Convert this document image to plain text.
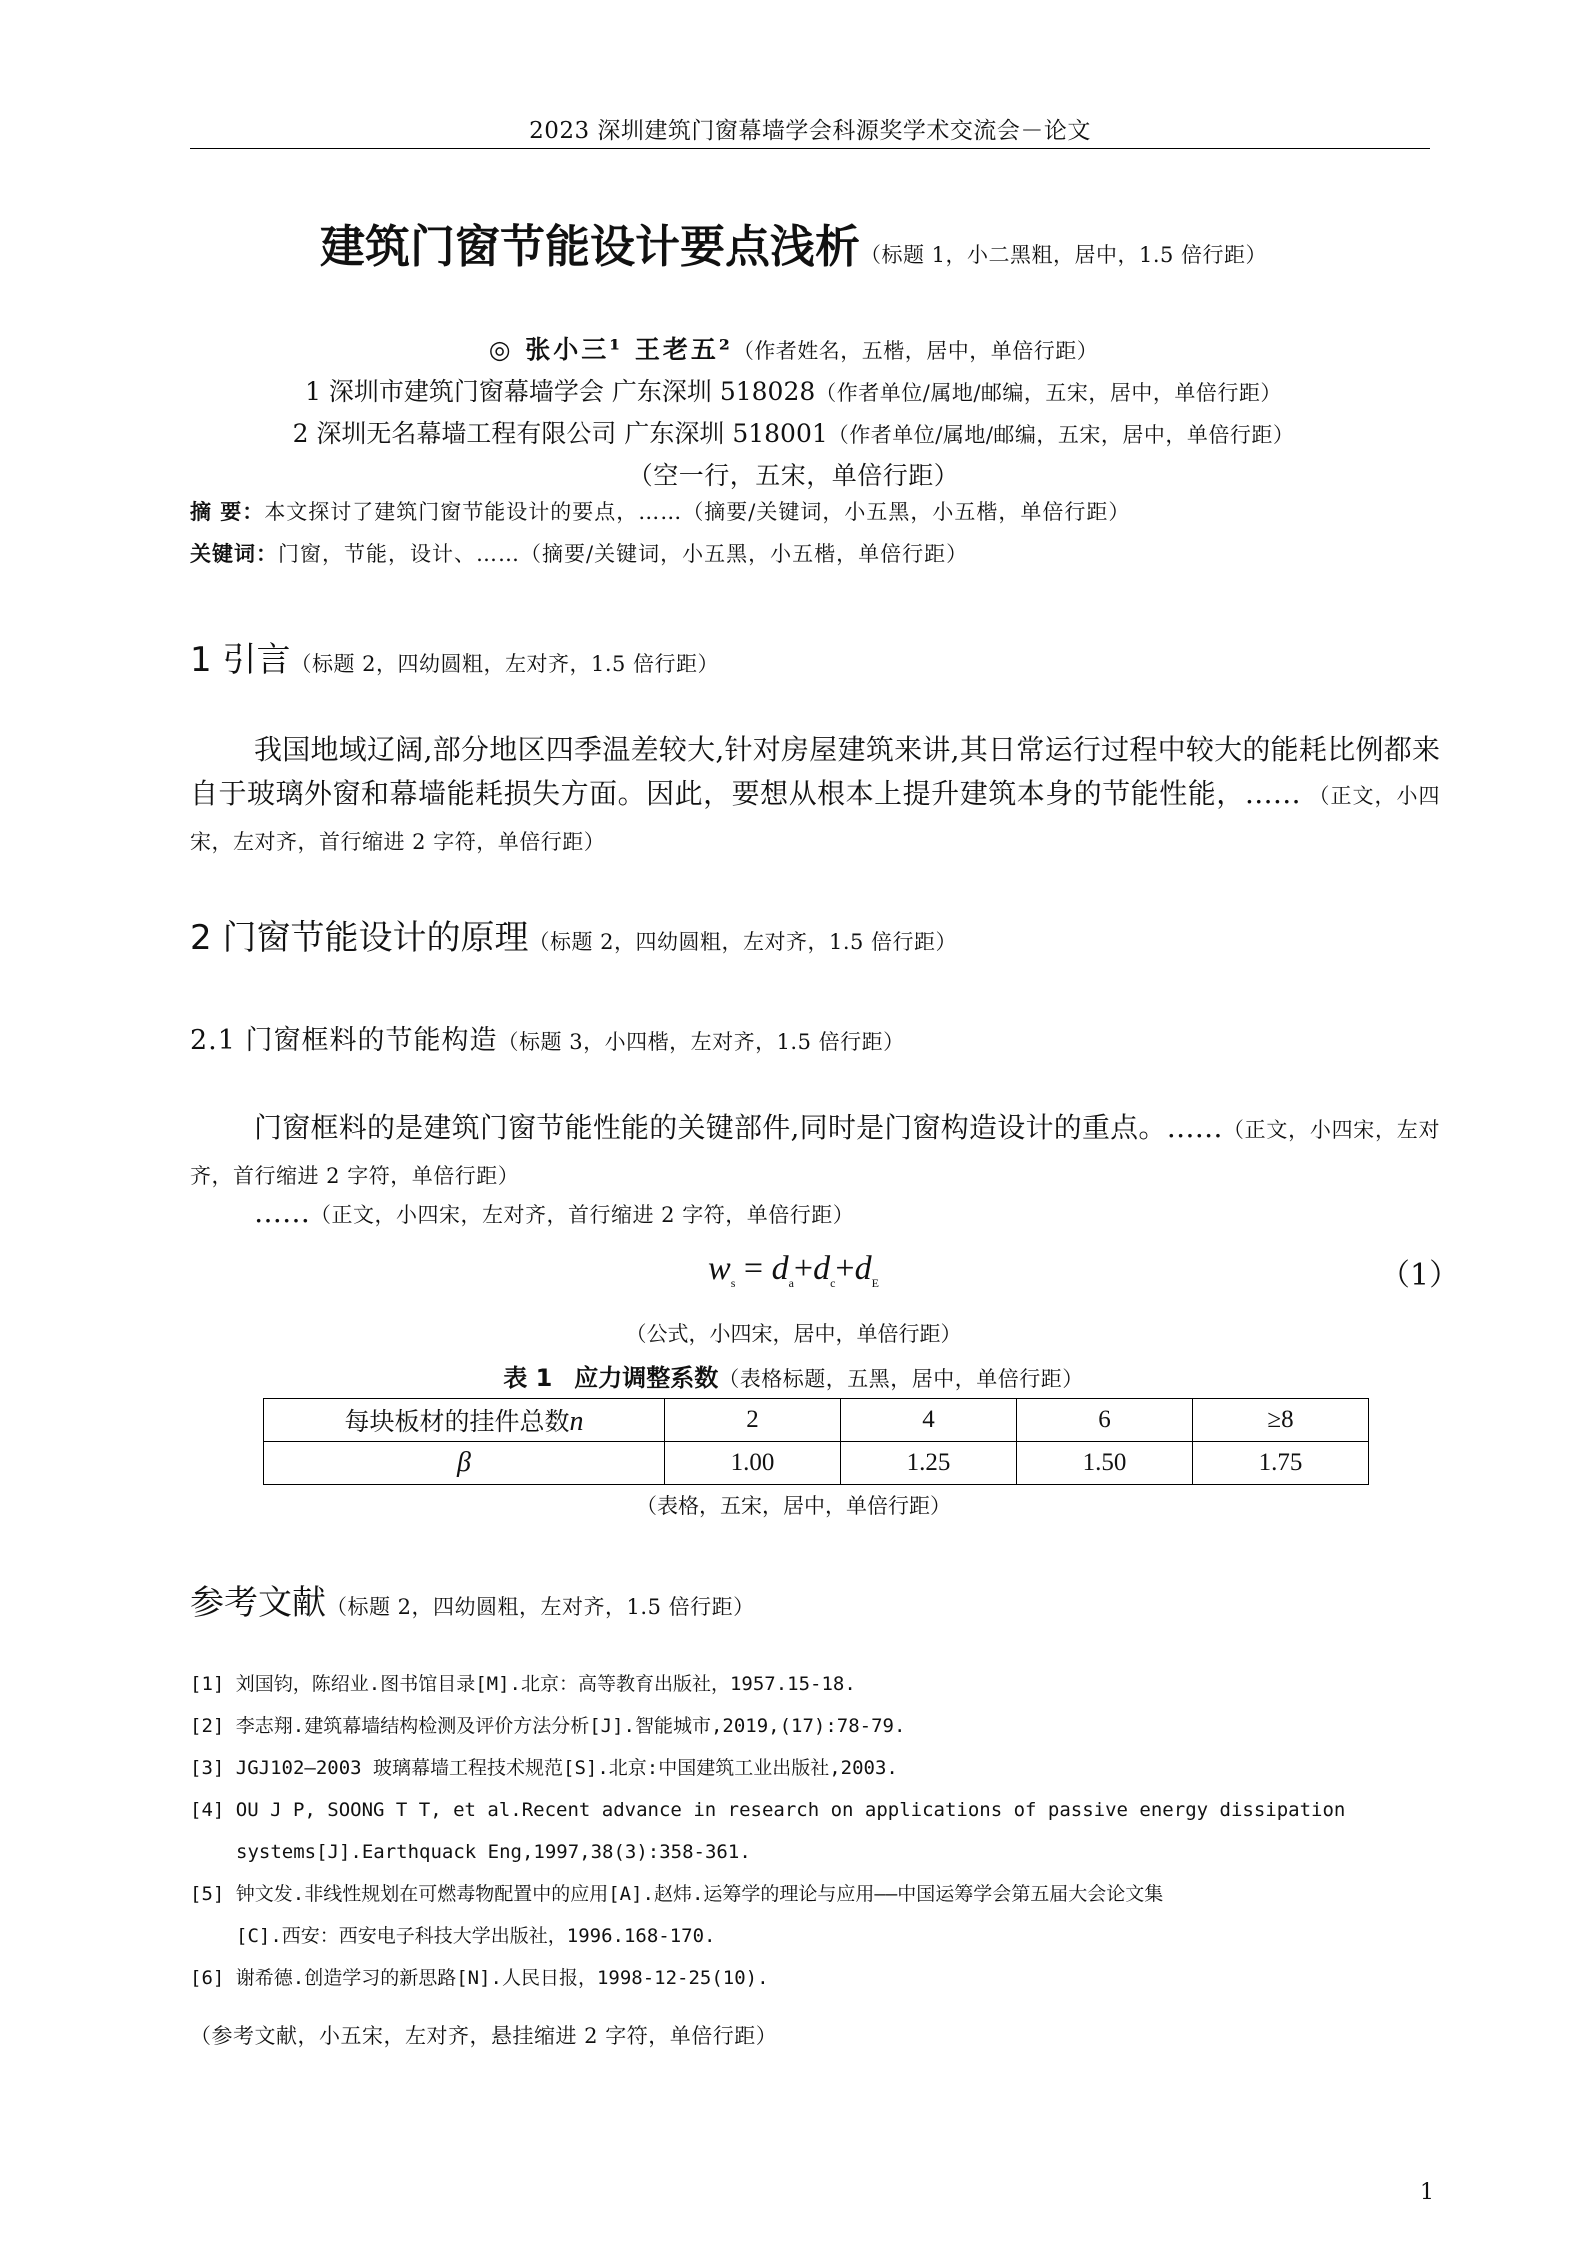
2023 深圳建筑门窗幕墙学会科源奖学术交流会－论文
建筑门窗节能设计要点浅析（标题 1，小二黑粗，居中，1.5 倍行距）
◎ 张小三¹ 王老五²（作者姓名，五楷，居中，单倍行距）
1 深圳市建筑门窗幕墙学会 广东深圳 518028（作者单位/属地/邮编，五宋，居中，单倍行距）
2 深圳无名幕墙工程有限公司 广东深圳 518001（作者单位/属地/邮编，五宋，居中，单倍行距）
（空一行，五宋，单倍行距）
摘 要：本文探讨了建筑门窗节能设计的要点，……（摘要/关键词，小五黑，小五楷，单倍行距）
关键词：门窗，节能，设计、……（摘要/关键词，小五黑，小五楷，单倍行距）
1 引言（标题 2，四幼圆粗，左对齐，1.5 倍行距）
我国地域辽阔,部分地区四季温差较大,针对房屋建筑来讲,其日常运行过程中较大的能耗比例都来自于玻璃外窗和幕墙能耗损失方面。因此，要想从根本上提升建筑本身的节能性能，…… （正文，小四宋，左对齐，首行缩进 2 字符，单倍行距）
2 门窗节能设计的原理（标题 2，四幼圆粗，左对齐，1.5 倍行距）
2.1 门窗框料的节能构造（标题 3，小四楷，左对齐，1.5 倍行距）
门窗框料的是建筑门窗节能性能的关键部件,同时是门窗构造设计的重点。……（正文，小四宋，左对齐，首行缩进 2 字符，单倍行距）
……（正文，小四宋，左对齐，首行缩进 2 字符，单倍行距）
$w_s = d_a+d_c+d_E$	（1）
（公式，小四宋，居中，单倍行距）
表 1 应力调整系数（表格标题，五黑，居中，单倍行距）
每块板材的挂件总数n	2	4	6	≥8
β	1.00	1.25	1.50	1.75
（表格，五宋，居中，单倍行距）
参考文献（标题 2，四幼圆粗，左对齐，1.5 倍行距）
[1] 刘国钧，陈绍业.图书馆目录[M].北京：高等教育出版社，1957.15-18.
[2] 李志翔.建筑幕墙结构检测及评价方法分析[J].智能城市,2019,(17):78-79.
[3] JGJ102—2003 玻璃幕墙工程技术规范[S].北京:中国建筑工业出版社,2003.
[4] OU J P, SOONG T T, et al.Recent advance in research on applications of passive energy dissipation
systems[J].Earthquack Eng,1997,38(3):358-361.
[5] 钟文发.非线性规划在可燃毒物配置中的应用[A].赵炜.运筹学的理论与应用——中国运筹学会第五届大会论文集
[C].西安：西安电子科技大学出版社，1996.168-170.
[6] 谢希德.创造学习的新思路[N].人民日报，1998-12-25(10).
（参考文献，小五宋，左对齐，悬挂缩进 2 字符，单倍行距）
1
